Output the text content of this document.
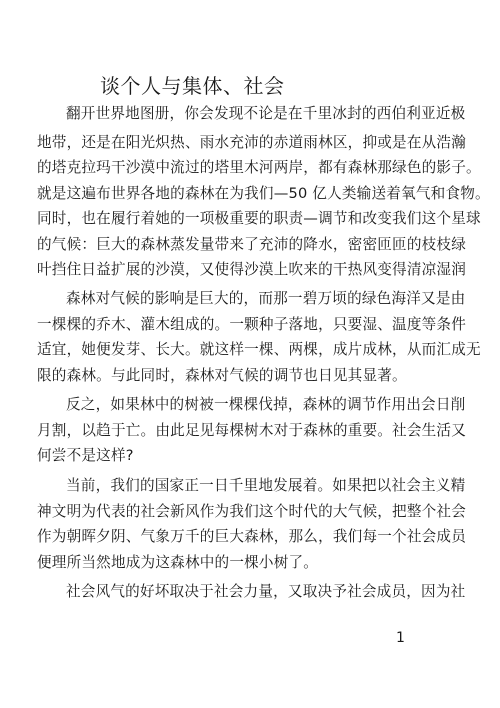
谈个人与集体、社会
翻开世界地图册，你会发现不论是在千里冰封的西伯利亚近极
地带，还是在阳光炽热、雨水充沛的赤道雨林区，抑或是在从浩瀚
的塔克拉玛干沙漠中流过的塔里木河两岸，都有森林那绿色的影子。
就是这遍布世界各地的森林在为我们—50 亿人类输送着氧气和食物。
同时，也在履行着她的一项极重要的职责—调节和改变我们这个星球
的气候：巨大的森林蒸发量带来了充沛的降水，密密匝匝的枝枝绿
叶挡住日益扩展的沙漠，又使得沙漠上吹来的干热风变得清凉湿润
森林对气候的影响是巨大的，而那一碧万顷的绿色海洋又是由
一棵棵的乔木、灌木组成的。一颗种子落地，只要湿、温度等条件
适宜，她便发芽、长大。就这样一棵、两棵，成片成林，从而汇成无
限的森林。与此同时，森林对气候的调节也日见其显著。
反之，如果林中的树被一棵棵伐掉，森林的调节作用出会日削
月割，以趋于亡。由此足见每棵树木对于森林的重要。社会生活又
何尝不是这样?
当前，我们的国家正一日千里地发展着。如果把以社会主义精
神文明为代表的社会新风作为我们这个时代的大气候，把整个社会
作为朝晖夕阴、气象万千的巨大森林，那么，我们每一个社会成员
便理所当然地成为这森林中的一棵小树了。
社会风气的好坏取决于社会力量，又取决予社会成员，因为社
1
